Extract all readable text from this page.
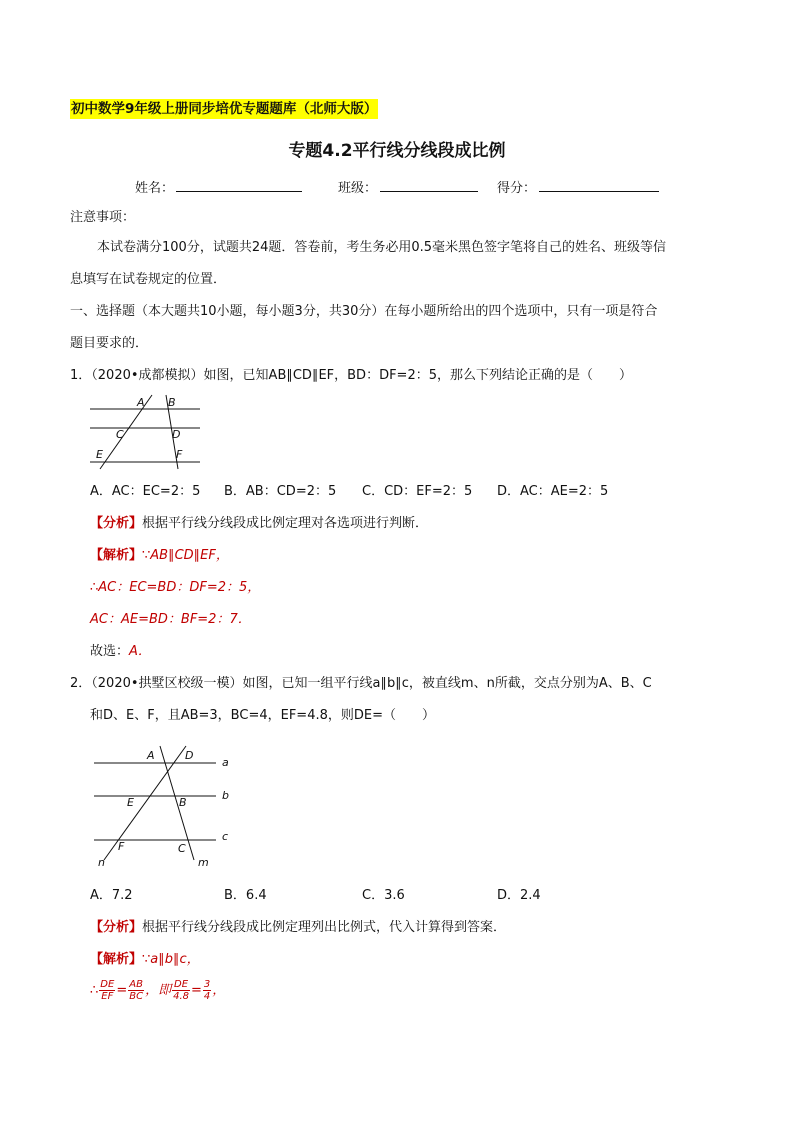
初中数学9年级上册同步培优专题题库（北师大版）
专题4.2平行线分线段成比例
姓名：	班级：	得分：
注意事项：
本试卷满分100分，试题共24题．答卷前，考生务必用0.5毫米黑色签字笔将自己的姓名、班级等信
息填写在试卷规定的位置．
一、选择题（本大题共10小题，每小题3分，共30分）在每小题所给出的四个选项中，只有一项是符合
题目要求的．
1．（2020•成都模拟）如图，已知AB∥CD∥EF，BD：DF=2：5，那么下列结论正确的是（　　）
A B
C	D
E	F
A．AC：EC=2：5 B．AB：CD=2：5 C．CD：EF=2：5 D．AC：AE=2：5
【分析】根据平行线分线段成比例定理对各选项进行判断．
【解析】∵AB∥CD∥EF，
∴AC：EC=BD：DF=2：5，
AC：AE=BD：BF=2：7．
故选：A．
2．（2020•拱墅区校级一模）如图，已知一组平行线a∥b∥c，被直线m、n所截，交点分别为A、B、C
和D、E、F，且AB=3，BC=4，EF=4.8，则DE=（　　）
A	D
a
E	B
b
c
F	C
n	m
A．7.2	B．6.4	C．3.6	D．2.4
【分析】根据平行线分线段成比例定理列出比例式，代入计算得到答案．
【解析】∵a∥b∥c，
∴ $\frac{DE}{EF} = \frac{AB}{BC}$ ，即 $\frac{DE}{4.8} = \frac{3}{4}$ ，
